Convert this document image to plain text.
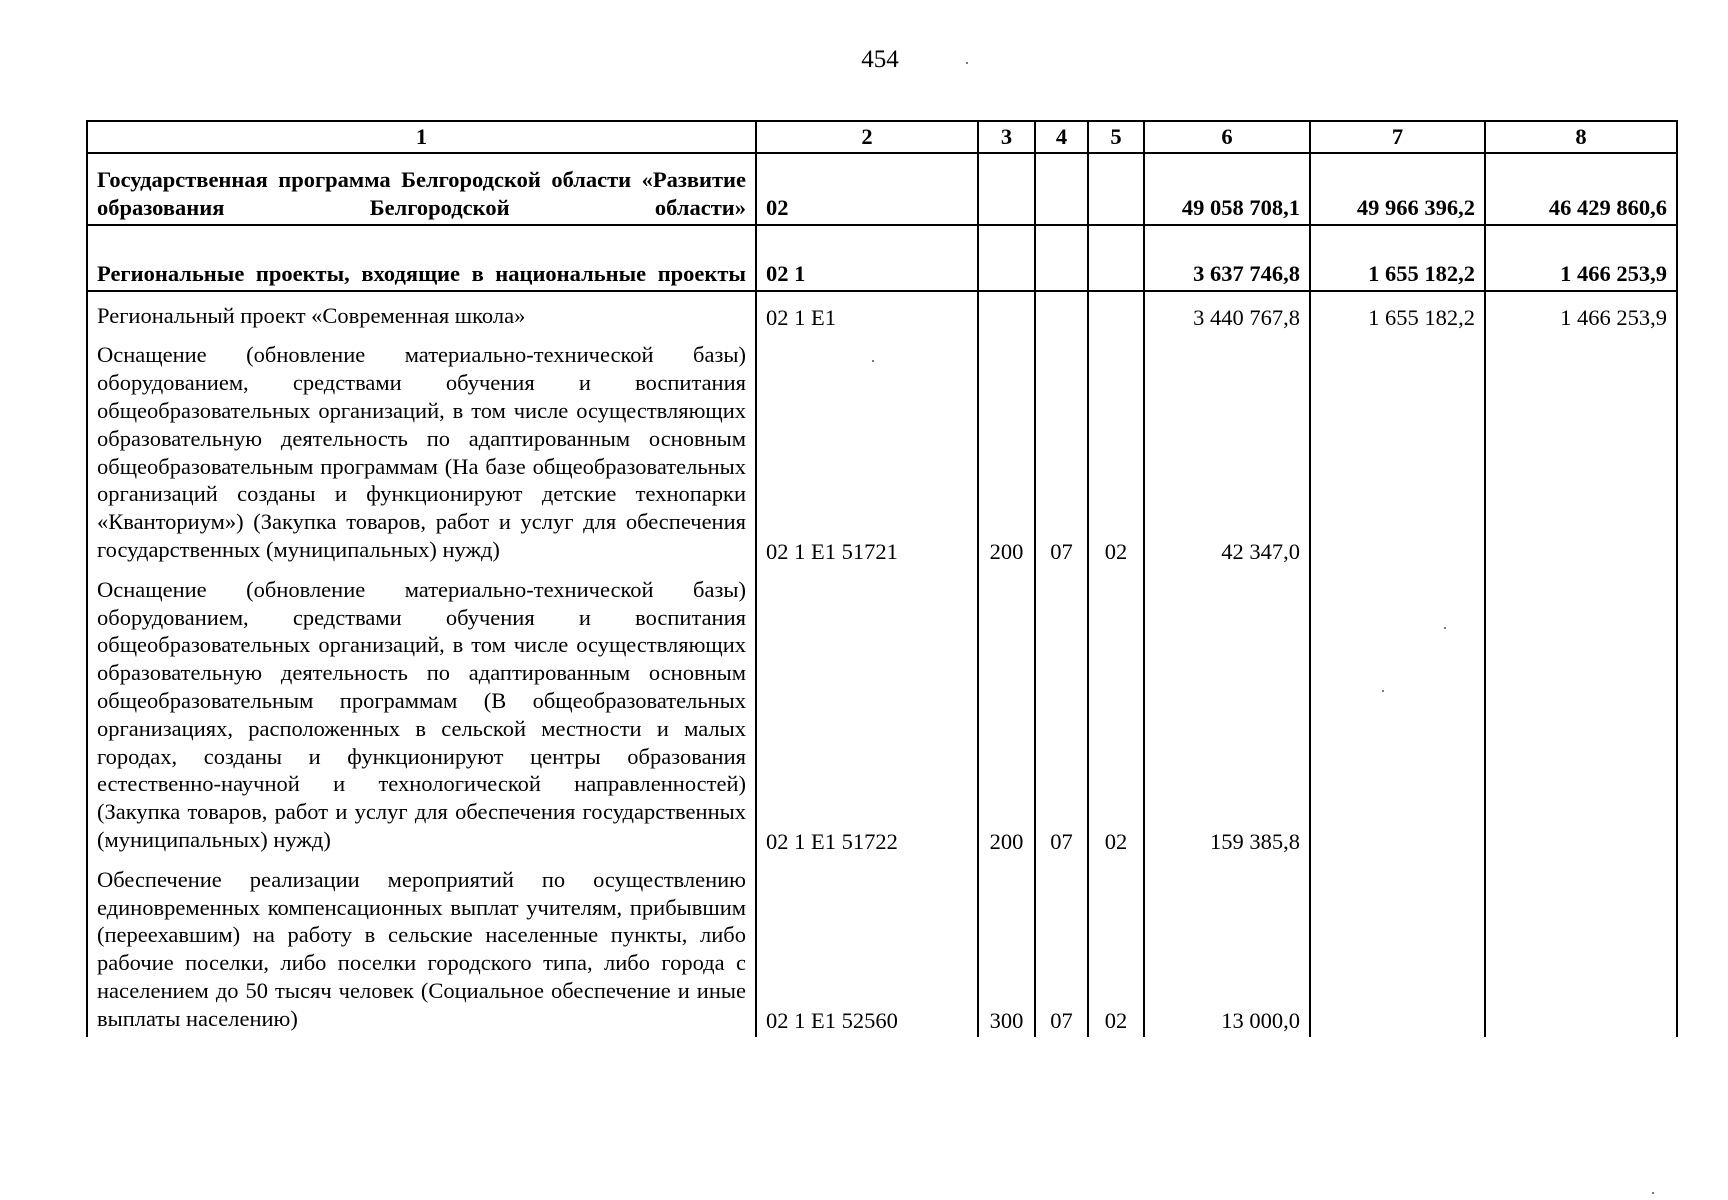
454
1	2	3	4	5	6	7	8
Государственная программа Белгородской области «Развитие образования Белгородской области»	02				49 058 708,1	49 966 396,2	46 429 860,6
Региональные проекты, входящие в национальные проекты	02 1				3 637 746,8	1 655 182,2	1 466 253,9
Региональный проект «Современная школа»	02 1 E1				3 440 767,8	1 655 182,2	1 466 253,9
Оснащение (обновление материально-технической базы) оборудованием, средствами обучения и воспитания общеобразовательных организаций, в том числе осуществляющих образовательную деятельность по адаптированным основным общеобразовательным программам (На базе общеобразовательных организаций созданы и функционируют детские технопарки «Кванториум») (Закупка товаров, работ и услуг для обеспечения государственных (муниципальных) нужд)	02 1 E1 51721	200	07	02	42 347,0		
Оснащение (обновление материально-технической базы) оборудованием, средствами обучения и воспитания общеобразовательных организаций, в том числе осуществляющих образовательную деятельность по адаптированным основным общеобразовательным программам (В общеобразовательных организациях, расположенных в сельской местности и малых городах, созданы и функционируют центры образования естественно-научной и технологической направленностей) (Закупка товаров, работ и услуг для обеспечения государственных (муниципальных) нужд)	02 1 E1 51722	200	07	02	159 385,8		
Обеспечение реализации мероприятий по осуществлению единовременных компенсационных выплат учителям, прибывшим (переехавшим) на работу в сельские населенные пункты, либо рабочие поселки, либо поселки городского типа, либо города с населением до 50 тысяч человек (Социальное обеспечение и иные выплаты населению)	02 1 E1 52560	300	07	02	13 000,0		
